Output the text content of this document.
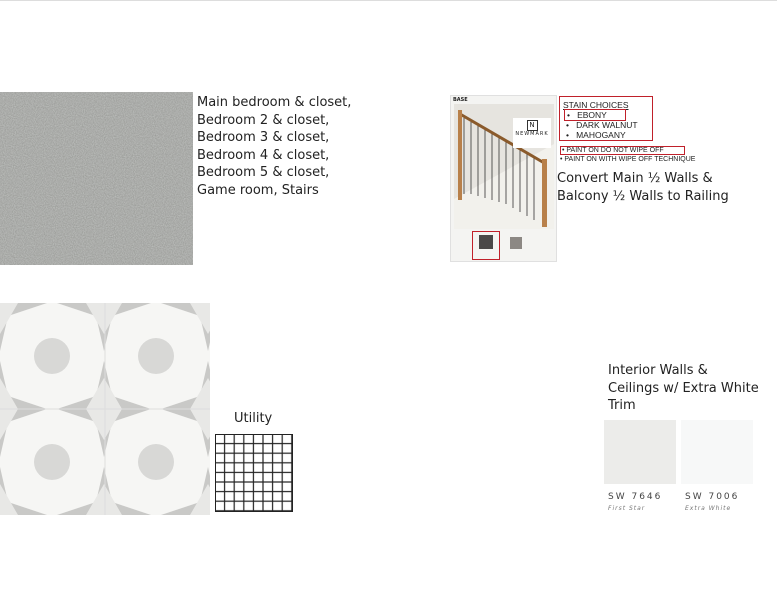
Main bedroom & closet,
Bedroom 2 & closet,
Bedroom 3 & closet,
Bedroom 4 & closet,
Bedroom 5 & closet,
Game room, Stairs
BASE
N
NEWMARK
STAIN CHOICES
•   EBONY
•   DARK WALNUT
•   MAHOGANY
• PAINT ON DO NOT WIPE OFF
• PAINT ON WITH WIPE OFF TECHNIQUE
Convert Main ½ Walls &
Balcony ½ Walls to Railing
Utility
Interior Walls &
Ceilings w/ Extra White
Trim
SW 7646
First Star
SW 7006
Extra White
